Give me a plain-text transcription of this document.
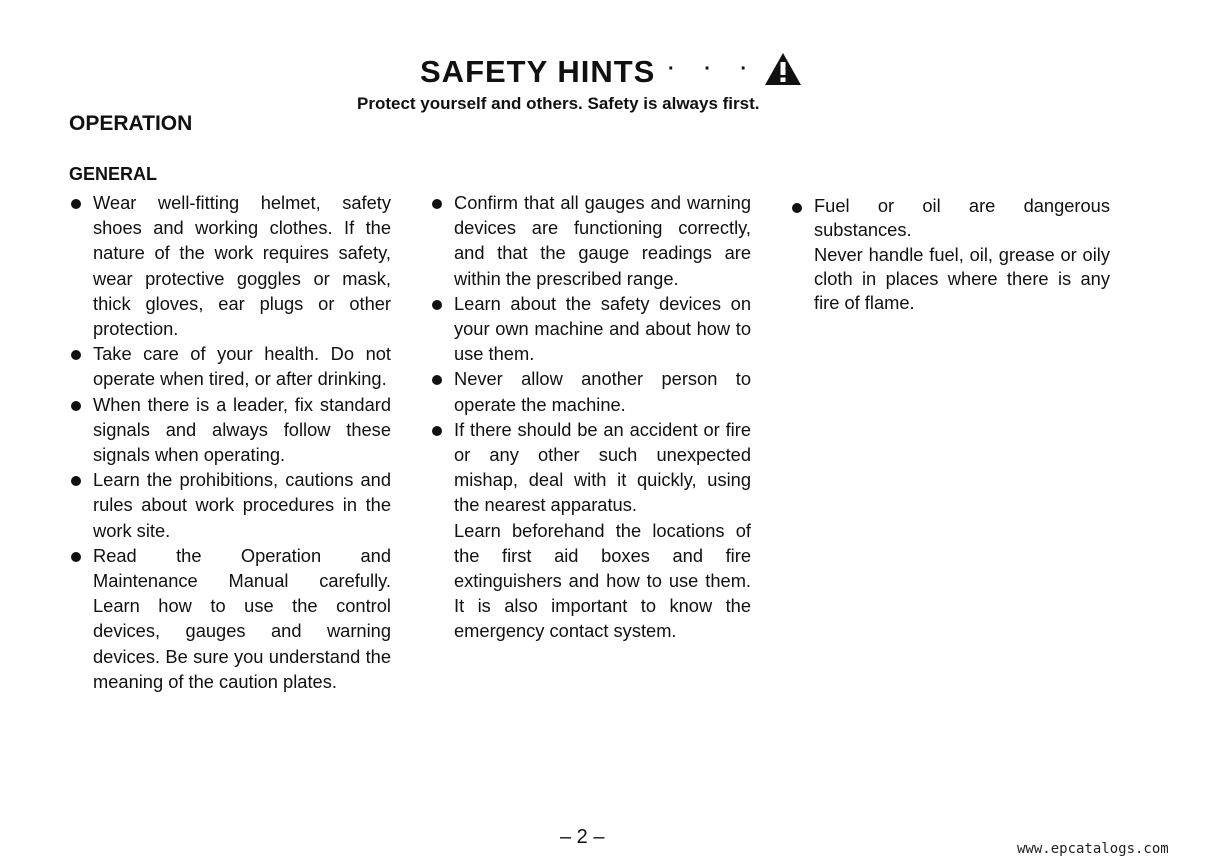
SAFETY HINTS · · ·
Protect yourself and others. Safety is always first.
OPERATION
GENERAL

Wear well-fitting helmet, safety shoes and working clothes. If the nature of the work requires safety, wear protective goggles or mask, thick gloves, ear plugs or other protection.

Take care of your health. Do not operate when tired, or after drinking.

When there is a leader, fix standard signals and always follow these signals when operating.

Learn the prohibitions, cautions and rules about work procedures in the work site.

Read the Operation and Maintenance Manual carefully. Learn how to use the control devices, gauges and warning devices. Be sure you understand the meaning of the caution plates.

Confirm that all gauges and warning devices are functioning correctly, and that the gauge readings are within the prescribed range.

Learn about the safety devices on your own machine and about how to use them.

Never allow another person to operate the machine.

If there should be an accident or fire or any other such unexpected mishap, deal with it quickly, using the nearest apparatus.

Learn beforehand the locations of the first aid boxes and fire extinguishers and how to use them. It is also important to know the emergency contact system.

Fuel or oil are dangerous substances.

Never handle fuel, oil, grease or oily cloth in places where there is any fire of flame.

– 2 –
www.epcatalogs.com
